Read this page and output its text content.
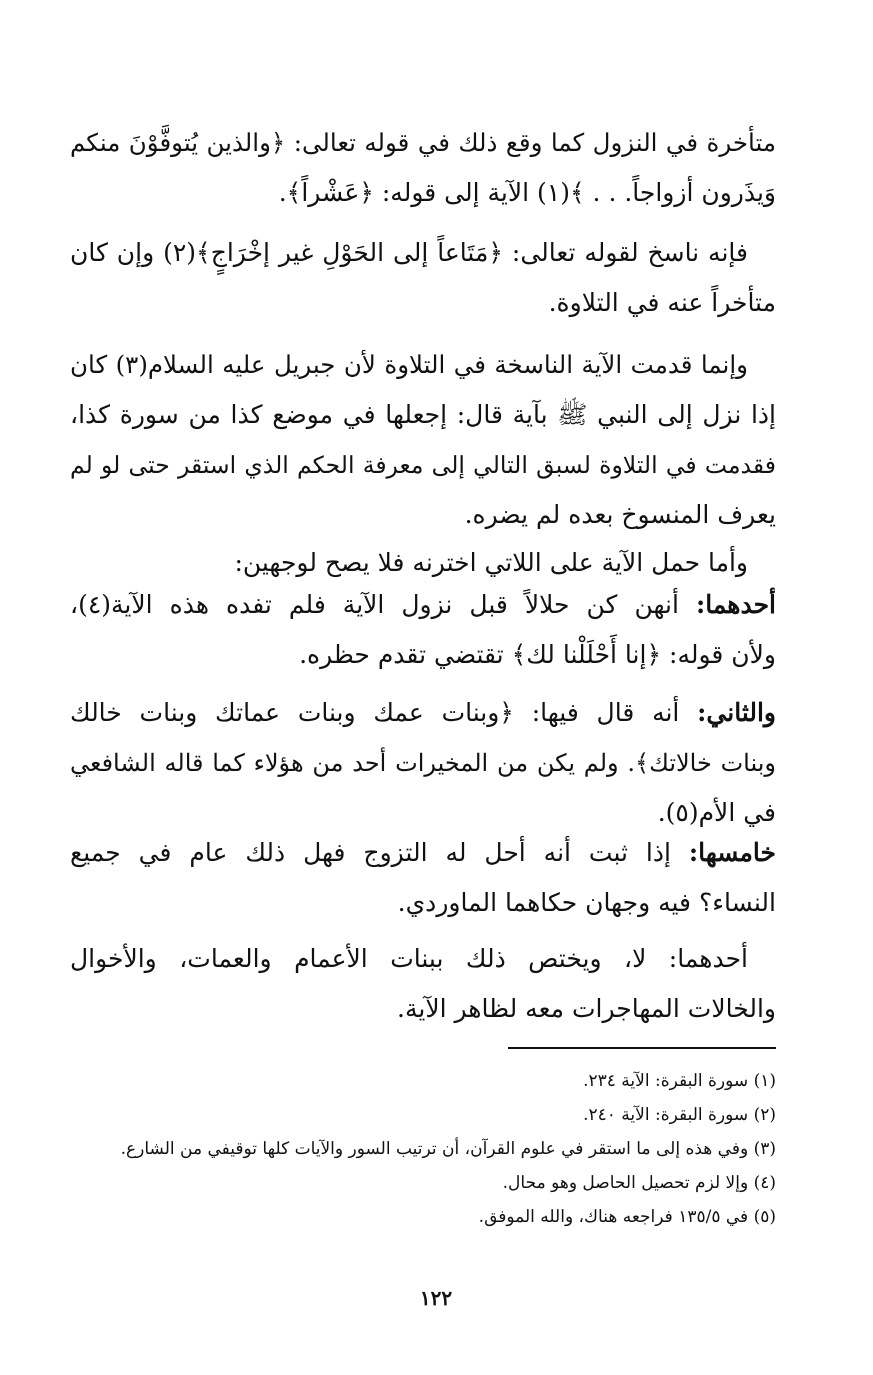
متأخرة في النزول كما وقع ذلك في قوله تعالى: ﴿والذين يُتوفَّوْنَ منكم
وَيذَرون أزواجاً. . . ﴾(١) الآية إلى قوله: ﴿عَشْراً﴾.
فإنه ناسخ لقوله تعالى: ﴿مَتَاعاً إلى الحَوْلِ غير إخْرَاجٍ﴾(٢) وإن كان
متأخراً عنه في التلاوة.
وإنما قدمت الآية الناسخة في التلاوة لأن جبريل عليه السلام(٣) كان
إذا نزل إلى النبي ﷺ بآية قال: إجعلها في موضع كذا من سورة كذا،
فقدمت في التلاوة لسبق التالي إلى معرفة الحكم الذي استقر حتى لو لم
يعرف المنسوخ بعده لم يضره.
وأما حمل الآية على اللاتي اخترنه فلا يصح لوجهين:
أحدهما: أنهن كن حلالاً قبل نزول الآية فلم تفده هذه الآية(٤)،
ولأن قوله: ﴿إنا أَحْلَلْنا لك﴾ تقتضي تقدم حظره.
والثاني: أنه قال فيها: ﴿وبنات عمك وبنات عماتك وبنات خالك
وبنات خالاتك﴾. ولم يكن من المخيرات أحد من هؤلاء كما قاله الشافعي
في الأم(٥).
خامسها: إذا ثبت أنه أحل له التزوج فهل ذلك عام في جميع
النساء؟ فيه وجهان حكاهما الماوردي.
أحدهما: لا، ويختص ذلك ببنات الأعمام والعمات، والأخوال
والخالات المهاجرات معه لظاهر الآية.
(١) سورة البقرة: الآية ٢٣٤.
(٢) سورة البقرة: الآية ٢٤٠.
(٣) وفي هذه إلى ما استقر في علوم القرآن، أن ترتيب السور والآيات كلها توقيفي من الشارع.
(٤) وإلا لزم تحصيل الحاصل وهو محال.
(٥) في ١٣٥/٥ فراجعه هناك، والله الموفق.
١٢٢
